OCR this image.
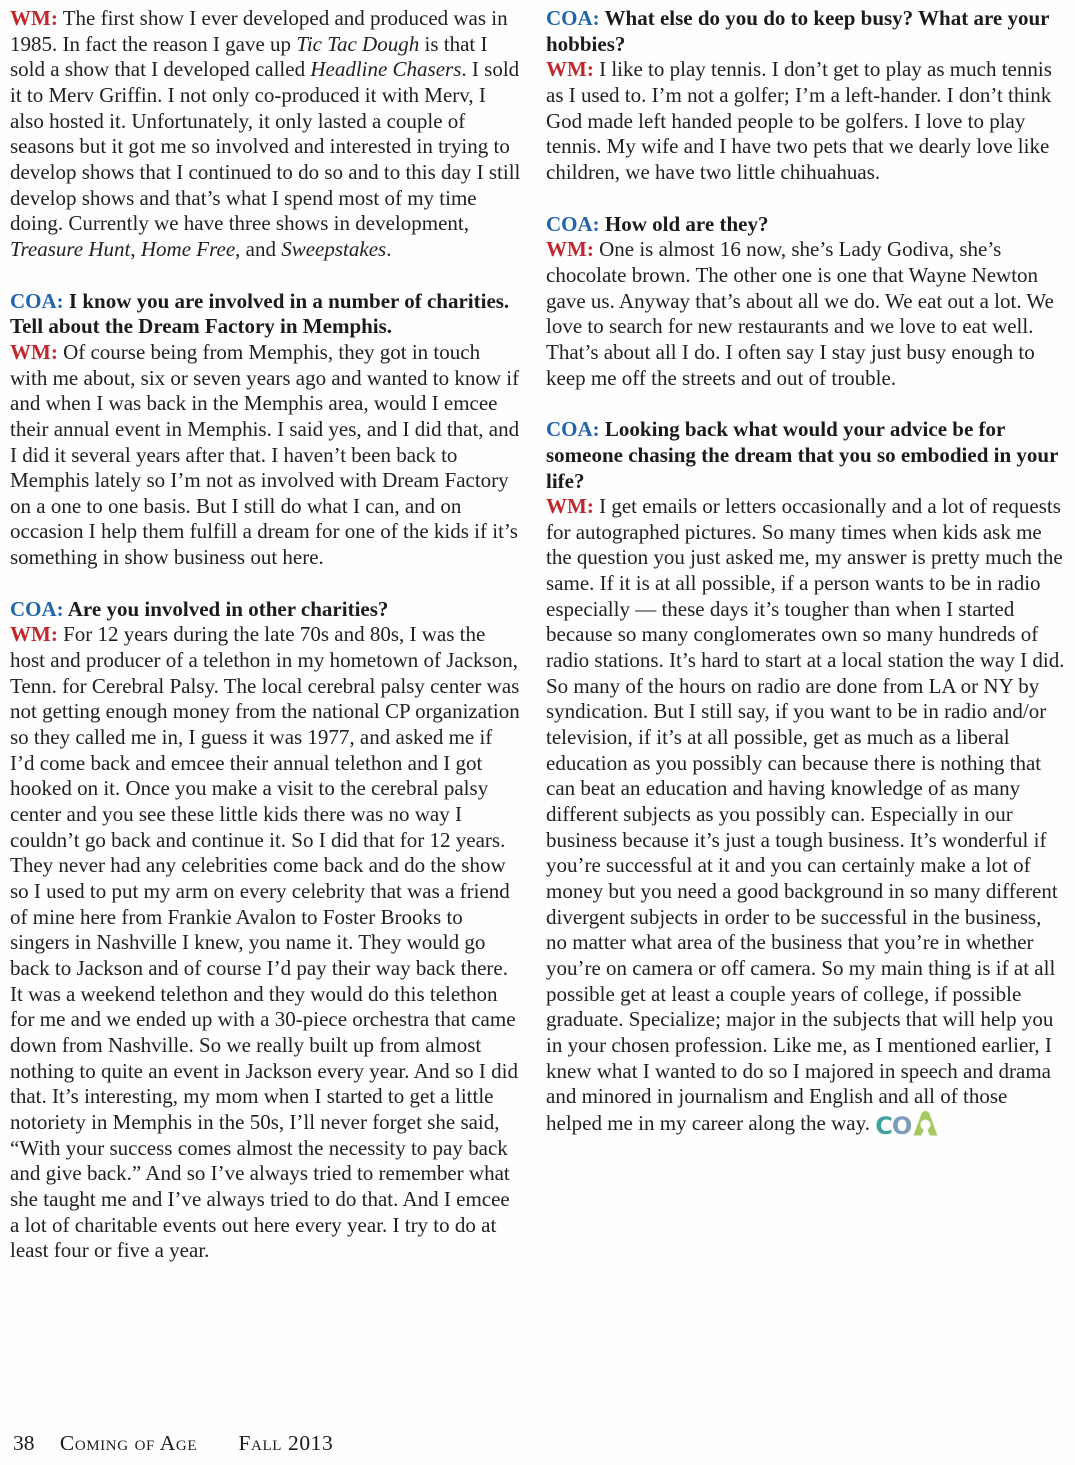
WM: The first show I ever developed and produced was in 1985. In fact the reason I gave up Tic Tac Dough is that I sold a show that I developed called Headline Chasers. I sold it to Merv Griffin. I not only co-produced it with Merv, I also hosted it. Unfortunately, it only lasted a couple of seasons but it got me so involved and interested in trying to develop shows that I continued to do so and to this day I still develop shows and that’s what I spend most of my time doing. Currently we have three shows in development, Treasure Hunt, Home Free, and Sweepstakes.

COA: I know you are involved in a number of charities. Tell about the Dream Factory in Memphis.

WM: Of course being from Memphis, they got in touch with me about, six or seven years ago and wanted to know if and when I was back in the Memphis area, would I emcee their annual event in Memphis. I said yes, and I did that, and I did it several years after that. I haven’t been back to Memphis lately so I’m not as involved with Dream Factory on a one to one basis. But I still do what I can, and on occasion I help them fulfill a dream for one of the kids if it’s something in show business out here.

COA: Are you involved in other charities?

WM: For 12 years during the late 70s and 80s, I was the host and producer of a telethon in my hometown of Jackson, Tenn. for Cerebral Palsy. The local cerebral palsy center was not getting enough money from the national CP organization so they called me in, I guess it was 1977, and asked me if I’d come back and emcee their annual telethon and I got hooked on it. Once you make a visit to the cerebral palsy center and you see these little kids there was no way I couldn’t go back and continue it. So I did that for 12 years. They never had any celebrities come back and do the show so I used to put my arm on every celebrity that was a friend of mine here from Frankie Avalon to Foster Brooks to singers in Nashville I knew, you name it. They would go back to Jackson and of course I’d pay their way back there. It was a weekend telethon and they would do this telethon for me and we ended up with a 30-piece orchestra that came down from Nashville. So we really built up from almost nothing to quite an event in Jackson every year. And so I did that. It’s interesting, my mom when I started to get a little notoriety in Memphis in the 50s, I’ll never forget she said, “With your success comes almost the necessity to pay back and give back.” And so I’ve always tried to remember what she taught me and I’ve always tried to do that. And I emcee a lot of charitable events out here every year. I try to do at least four or five a year.

COA: What else do you do to keep busy? What are your hobbies?

WM: I like to play tennis. I don’t get to play as much tennis as I used to. I’m not a golfer; I’m a left-hander. I don’t think God made left handed people to be golfers. I love to play tennis. My wife and I have two pets that we dearly love like children, we have two little chihuahuas.

COA: How old are they?

WM: One is almost 16 now, she’s Lady Godiva, she’s chocolate brown. The other one is one that Wayne Newton gave us. Anyway that’s about all we do. We eat out a lot. We love to search for new restaurants and we love to eat well. That’s about all I do. I often say I stay just busy enough to keep me off the streets and out of trouble.

COA: Looking back what would your advice be for someone chasing the dream that you so embodied in your life?

WM: I get emails or letters occasionally and a lot of requests for autographed pictures. So many times when kids ask me the question you just asked me, my answer is pretty much the same. If it is at all possible, if a person wants to be in radio especially — these days it’s tougher than when I started because so many conglomerates own so many hundreds of radio stations. It’s hard to start at a local station the way I did. So many of the hours on radio are done from LA or NY by syndication. But I still say, if you want to be in radio and/or television, if it’s at all possible, get as much as a liberal education as you possibly can because there is nothing that can beat an education and having knowledge of as many different subjects as you possibly can. Especially in our business because it’s just a tough business. It’s wonderful if you’re successful at it and you can certainly make a lot of money but you need a good background in so many different divergent subjects in order to be successful in the business, no matter what area of the business that you’re in whether you’re on camera or off camera. So my main thing is if at all possible get at least a couple years of college, if possible graduate. Specialize; major in the subjects that will help you in your chosen profession. Like me, as I mentioned earlier, I knew what I wanted to do so I majored in speech and drama and minored in journalism and English and all of those helped me in my career along the way. CO

38 Coming of Age Fall 2013
